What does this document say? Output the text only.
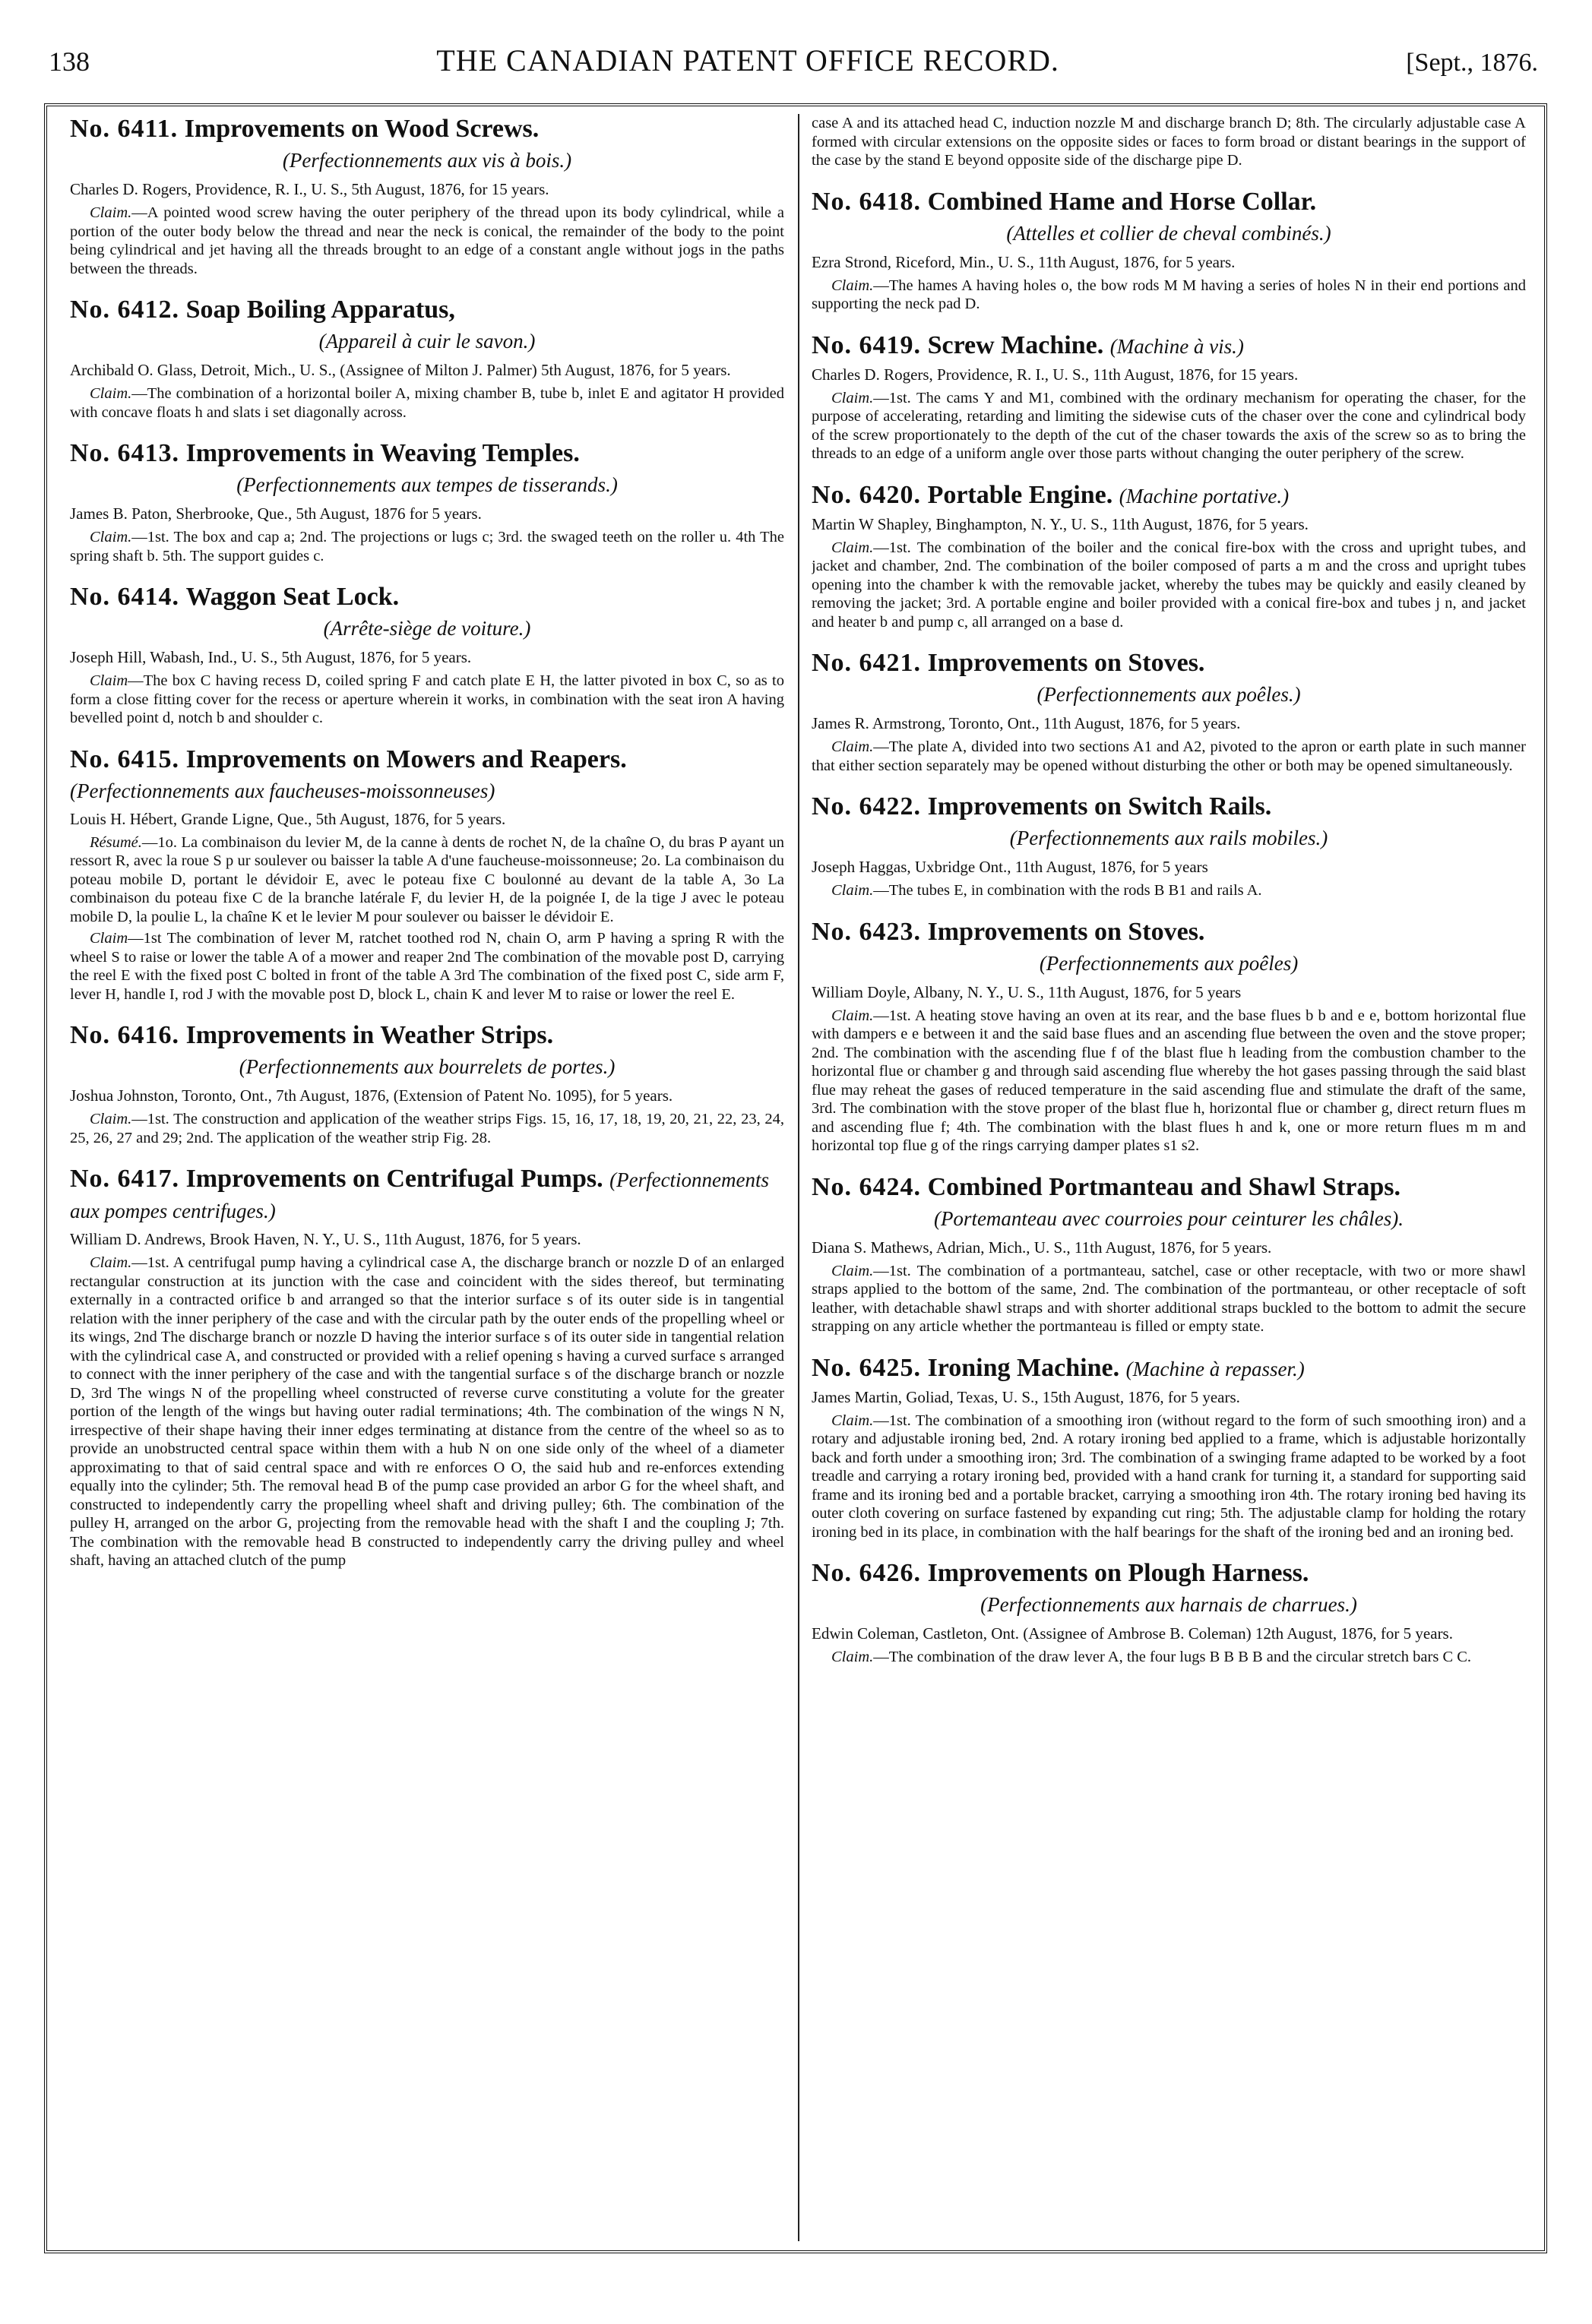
138	THE CANADIAN PATENT OFFICE RECORD.	[Sept., 1876.
No. 6411. Improvements on Wood Screws.
(Perfectionnements aux vis à bois.)

Charles D. Rogers, Providence, R. I., U. S., 5th August, 1876, for 15 years.

Claim.—A pointed wood screw having the outer periphery of the thread upon its body cylindrical, while a portion of the outer body below the thread and near the neck is conical, the remainder of the body to the point being cylindrical and jet having all the threads brought to an edge of a constant angle without jogs in the paths between the threads.

No. 6412. Soap Boiling Apparatus,
(Appareil à cuir le savon.)

Archibald O. Glass, Detroit, Mich., U. S., (Assignee of Milton J. Palmer) 5th August, 1876, for 5 years.

Claim.—The combination of a horizontal boiler A, mixing chamber B, tube b, inlet E and agitator H provided with concave floats h and slats i set diagonally across.

No. 6413. Improvements in Weaving Temples.
(Perfectionnements aux tempes de tisserands.)

James B. Paton, Sherbrooke, Que., 5th August, 1876 for 5 years.

Claim.—1st. The box and cap a; 2nd. The projections or lugs c; 3rd. the swaged teeth on the roller u. 4th The spring shaft b. 5th. The support guides c.

No. 6414. Waggon Seat Lock.
(Arrête-siège de voiture.)

Joseph Hill, Wabash, Ind., U. S., 5th August, 1876, for 5 years.

Claim—The box C having recess D, coiled spring F and catch plate E H, the latter pivoted in box C, so as to form a close fitting cover for the recess or aperture wherein it works, in combination with the seat iron A having bevelled point d, notch b and shoulder c.

No. 6415. Improvements on Mowers and Reapers. (Perfectionnements aux faucheuses-moissonneuses)

Louis H. Hébert, Grande Ligne, Que., 5th August, 1876, for 5 years.

Résumé.—1o. La combinaison du levier M, de la canne à dents de rochet N, de la chaîne O, du bras P ayant un ressort R, avec la roue S p ur soulever ou baisser la table A d'une faucheuse-moissonneuse; 2o. La combinaison du poteau mobile D, portant le dévidoir E, avec le poteau fixe C boulonné au devant de la table A, 3o La combinaison du poteau fixe C de la branche latérale F, du levier H, de la poignée I, de la tige J avec le poteau mobile D, la poulie L, la chaîne K et le levier M pour soulever ou baisser le dévidoir E.

Claim—1st The combination of lever M, ratchet toothed rod N, chain O, arm P having a spring R with the wheel S to raise or lower the table A of a mower and reaper 2nd The combination of the movable post D, carrying the reel E with the fixed post C bolted in front of the table A 3rd The combination of the fixed post C, side arm F, lever H, handle I, rod J with the movable post D, block L, chain K and lever M to raise or lower the reel E.

No. 6416. Improvements in Weather Strips.
(Perfectionnements aux bourrelets de portes.)

Joshua Johnston, Toronto, Ont., 7th August, 1876, (Extension of Patent No. 1095), for 5 years.

Claim.—1st. The construction and application of the weather strips Figs. 15, 16, 17, 18, 19, 20, 21, 22, 23, 24, 25, 26, 27 and 29; 2nd. The application of the weather strip Fig. 28.

No. 6417. Improvements on Centrifugal Pumps. (Perfectionnements aux pompes centrifuges.)

William D. Andrews, Brook Haven, N. Y., U. S., 11th August, 1876, for 5 years.

Claim.—1st. A centrifugal pump having a cylindrical case A, the discharge branch or nozzle D of an enlarged rectangular construction at its junction with the case and coincident with the sides thereof, but terminating externally in a contracted orifice b and arranged so that the interior surface s of its outer side is in tangential relation with the inner periphery of the case and with the circular path by the outer ends of the propelling wheel or its wings, 2nd The discharge branch or nozzle D having the interior surface s of its outer side in tangential relation with the cylindrical case A, and constructed or provided with a relief opening s having a curved surface s arranged to connect with the inner periphery of the case and with the tangential surface s of the discharge branch or nozzle D, 3rd The wings N of the propelling wheel constructed of reverse curve constituting a volute for the greater portion of the length of the wings but having outer radial terminations; 4th. The combination of the wings N N, irrespective of their shape having their inner edges terminating at distance from the centre of the wheel so as to provide an unobstructed central space within them with a hub N on one side only of the wheel of a diameter approximating to that of said central space and with re enforces O O, the said hub and re-enforces extending equally into the cylinder; 5th. The removal head B of the pump case provided an arbor G for the wheel shaft, and constructed to independently carry the propelling wheel shaft and driving pulley; 6th. The combination of the pulley H, arranged on the arbor G, projecting from the removable head with the shaft I and the coupling J; 7th. The combination with the removable head B constructed to independently carry the driving pulley and wheel shaft, having an attached clutch of the pump

case A and its attached head C, induction nozzle M and discharge branch D; 8th. The circularly adjustable case A formed with circular extensions on the opposite sides or faces to form broad or distant bearings in the support of the case by the stand E beyond opposite side of the discharge pipe D.

No. 6418. Combined Hame and Horse Collar.
(Attelles et collier de cheval combinés.)

Ezra Strond, Riceford, Min., U. S., 11th August, 1876, for 5 years.

Claim.—The hames A having holes o, the bow rods M M having a series of holes N in their end portions and supporting the neck pad D.

No. 6419. Screw Machine. (Machine à vis.)

Charles D. Rogers, Providence, R. I., U. S., 11th August, 1876, for 15 years.

Claim.—1st. The cams Y and M1, combined with the ordinary mechanism for operating the chaser, for the purpose of accelerating, retarding and limiting the sidewise cuts of the chaser over the cone and cylindrical body of the screw proportionately to the depth of the cut of the chaser towards the axis of the screw so as to bring the threads to an edge of a uniform angle over those parts without changing the outer periphery of the screw.

No. 6420. Portable Engine. (Machine portative.)

Martin W Shapley, Binghampton, N. Y., U. S., 11th August, 1876, for 5 years.

Claim.—1st. The combination of the boiler and the conical fire-box with the cross and upright tubes, and jacket and chamber, 2nd. The combination of the boiler composed of parts a m and the cross and upright tubes opening into the chamber k with the removable jacket, whereby the tubes may be quickly and easily cleaned by removing the jacket; 3rd. A portable engine and boiler provided with a conical fire-box and tubes j n, and jacket and heater b and pump c, all arranged on a base d.

No. 6421. Improvements on Stoves.
(Perfectionnements aux poêles.)

James R. Armstrong, Toronto, Ont., 11th August, 1876, for 5 years.

Claim.—The plate A, divided into two sections A1 and A2, pivoted to the apron or earth plate in such manner that either section separately may be opened without disturbing the other or both may be opened simultaneously.

No. 6422. Improvements on Switch Rails.
(Perfectionnements aux rails mobiles.)

Joseph Haggas, Uxbridge Ont., 11th August, 1876, for 5 years

Claim.—The tubes E, in combination with the rods B B1 and rails A.

No. 6423. Improvements on Stoves.
(Perfectionnements aux poêles)

William Doyle, Albany, N. Y., U. S., 11th August, 1876, for 5 years

Claim.—1st. A heating stove having an oven at its rear, and the base flues b b and e e, bottom horizontal flue with dampers e e between it and the said base flues and an ascending flue between the oven and the stove proper; 2nd. The combination with the ascending flue f of the blast flue h leading from the combustion chamber to the horizontal flue or chamber g and through said ascending flue whereby the hot gases passing through the said blast flue may reheat the gases of reduced temperature in the said ascending flue and stimulate the draft of the same, 3rd. The combination with the stove proper of the blast flue h, horizontal flue or chamber g, direct return flues m and ascending flue f; 4th. The combination with the blast flues h and k, one or more return flues m m and horizontal top flue g of the rings carrying damper plates s1 s2.

No. 6424. Combined Portmanteau and Shawl Straps.
(Portemanteau avec courroies pour ceinturer les châles).

Diana S. Mathews, Adrian, Mich., U. S., 11th August, 1876, for 5 years.

Claim.—1st. The combination of a portmanteau, satchel, case or other receptacle, with two or more shawl straps applied to the bottom of the same, 2nd. The combination of the portmanteau, or other receptacle of soft leather, with detachable shawl straps and with shorter additional straps buckled to the bottom to admit the secure strapping on any article whether the portmanteau is filled or empty state.

No. 6425. Ironing Machine. (Machine à repasser.)

James Martin, Goliad, Texas, U. S., 15th August, 1876, for 5 years.

Claim.—1st. The combination of a smoothing iron (without regard to the form of such smoothing iron) and a rotary and adjustable ironing bed, 2nd. A rotary ironing bed applied to a frame, which is adjustable horizontally back and forth under a smoothing iron; 3rd. The combination of a swinging frame adapted to be worked by a foot treadle and carrying a rotary ironing bed, provided with a hand crank for turning it, a standard for supporting said frame and its ironing bed and a portable bracket, carrying a smoothing iron 4th. The rotary ironing bed having its outer cloth covering on surface fastened by expanding cut ring; 5th. The adjustable clamp for holding the rotary ironing bed in its place, in combination with the half bearings for the shaft of the ironing bed and an ironing bed.

No. 6426. Improvements on Plough Harness.
(Perfectionnements aux harnais de charrues.)

Edwin Coleman, Castleton, Ont. (Assignee of Ambrose B. Coleman) 12th August, 1876, for 5 years.

Claim.—The combination of the draw lever A, the four lugs B B B B and the circular stretch bars C C.
